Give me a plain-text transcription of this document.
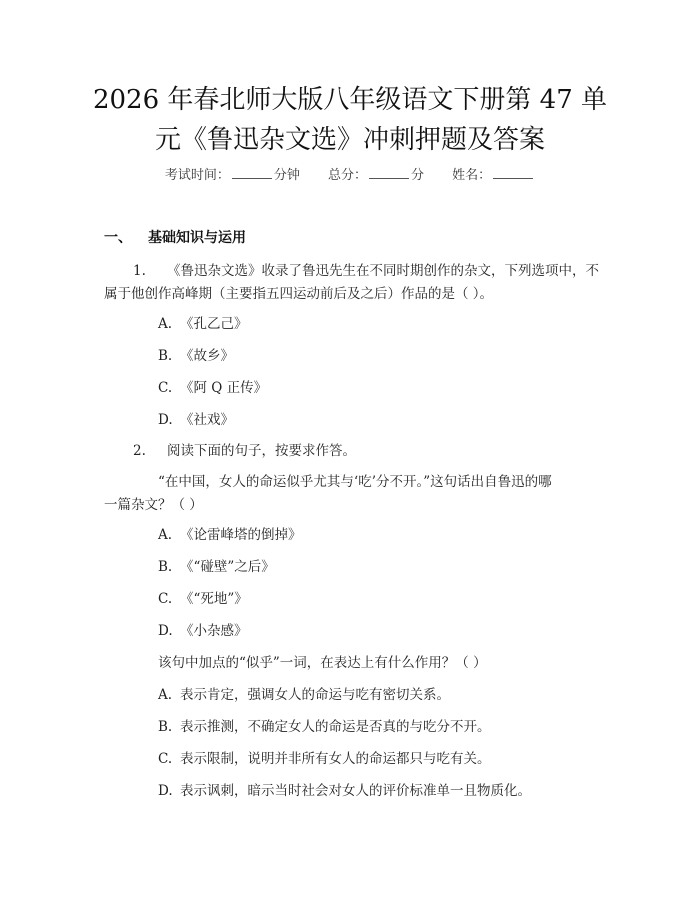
2026 年春北师大版八年级语文下册第 47 单
元《鲁迅杂文选》冲刺押题及答案
考试时间：	分钟 总分：	分 姓名：
一、 基础知识与运用
1. 《鲁迅杂文选》收录了鲁迅先生在不同时期创作的杂文，下列选项中，不
属于他创作高峰期（主要指五四运动前后及之后）作品的是（ ）。
A. 《孔乙己》
B. 《故乡》
C. 《阿 Q 正传》
D. 《社戏》
2. 阅读下面的句子，按要求作答。
“在中国，女人的命运似乎尤其与‘吃’分不开。”这句话出自鲁迅的哪
一篇杂文？（ ）
A. 《论雷峰塔的倒掉》
B. 《“碰壁”之后》
C. 《“死地”》
D. 《小杂感》
该句中加点的“似乎”一词，在表达上有什么作用？（ ）
A. 表示肯定，强调女人的命运与吃有密切关系。
B. 表示推测，不确定女人的命运是否真的与吃分不开。
C. 表示限制，说明并非所有女人的命运都只与吃有关。
D. 表示讽刺，暗示当时社会对女人的评价标准单一且物质化。
